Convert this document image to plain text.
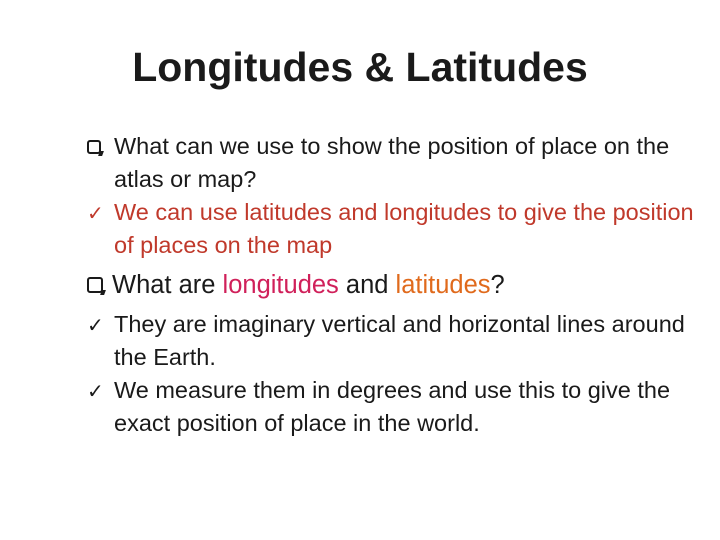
Longitudes & Latitudes
What can we use to show the position of place on the atlas or map?
✓ We can use latitudes and longitudes to give the position of places on the map
What are longitudes and latitudes?
✓ They are imaginary vertical and horizontal lines around the Earth.
✓ We measure them in degrees and use this to give the exact position of place in the world.
